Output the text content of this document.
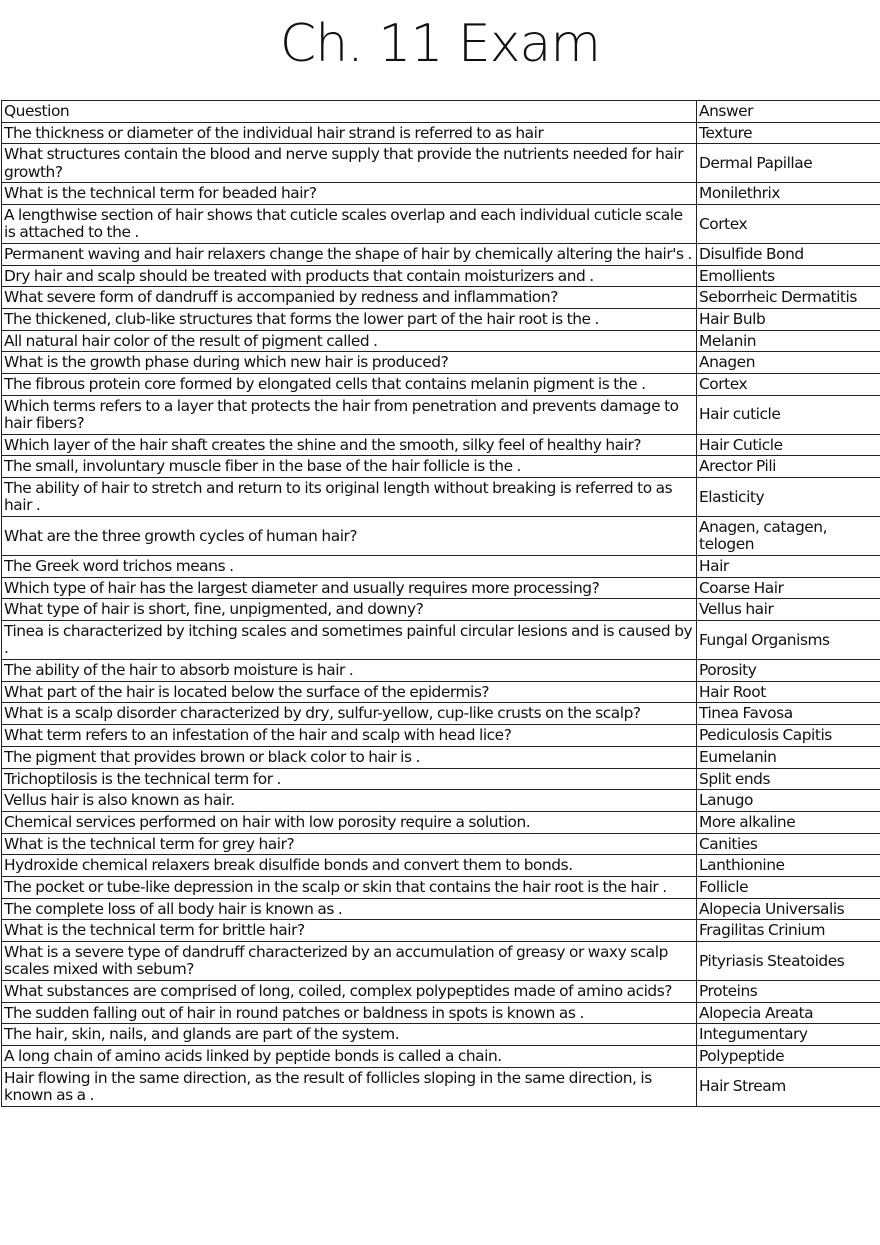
Ch. 11 Exam
Question	Answer
The thickness or diameter of the individual hair strand is referred to as hair	Texture
What structures contain the blood and nerve supply that provide the nutrients needed for hair growth?	Dermal Papillae
What is the technical term for beaded hair?	Monilethrix
A lengthwise section of hair shows that cuticle scales overlap and each individual cuticle scale is attached to the .	Cortex
Permanent waving and hair relaxers change the shape of hair by chemically altering the hair's .	Disulfide Bond
Dry hair and scalp should be treated with products that contain moisturizers and .	Emollients
What severe form of dandruff is accompanied by redness and inflammation?	Seborrheic Dermatitis
The thickened, club-like structures that forms the lower part of the hair root is the .	Hair Bulb
All natural hair color of the result of pigment called .	Melanin
What is the growth phase during which new hair is produced?	Anagen
The fibrous protein core formed by elongated cells that contains melanin pigment is the .	Cortex
Which terms refers to a layer that protects the hair from penetration and prevents damage to hair fibers?	Hair cuticle
Which layer of the hair shaft creates the shine and the smooth, silky feel of healthy hair?	Hair Cuticle
The small, involuntary muscle fiber in the base of the hair follicle is the .	Arector Pili
The ability of hair to stretch and return to its original length without breaking is referred to as hair .	Elasticity
What are the three growth cycles of human hair?	Anagen, catagen, telogen
The Greek word trichos means .	Hair
Which type of hair has the largest diameter and usually requires more processing?	Coarse Hair
What type of hair is short, fine, unpigmented, and downy?	Vellus hair
Tinea is characterized by itching scales and sometimes painful circular lesions and is caused by .	Fungal Organisms
The ability of the hair to absorb moisture is hair .	Porosity
What part of the hair is located below the surface of the epidermis?	Hair Root
What is a scalp disorder characterized by dry, sulfur-yellow, cup-like crusts on the scalp?	Tinea Favosa
What term refers to an infestation of the hair and scalp with head lice?	Pediculosis Capitis
The pigment that provides brown or black color to hair is .	Eumelanin
Trichoptilosis is the technical term for .	Split ends
Vellus hair is also known as hair.	Lanugo
Chemical services performed on hair with low porosity require a solution.	More alkaline
What is the technical term for grey hair?	Canities
Hydroxide chemical relaxers break disulfide bonds and convert them to bonds.	Lanthionine
The pocket or tube-like depression in the scalp or skin that contains the hair root is the hair .	Follicle
The complete loss of all body hair is known as .	Alopecia Universalis
What is the technical term for brittle hair?	Fragilitas Crinium
What is a severe type of dandruff characterized by an accumulation of greasy or waxy scalp scales mixed with sebum?	Pityriasis Steatoides
What substances are comprised of long, coiled, complex polypeptides made of amino acids?	Proteins
The sudden falling out of hair in round patches or baldness in spots is known as .	Alopecia Areata
The hair, skin, nails, and glands are part of the system.	Integumentary
A long chain of amino acids linked by peptide bonds is called a chain.	Polypeptide
Hair flowing in the same direction, as the result of follicles sloping in the same direction, is known as a .	Hair Stream
